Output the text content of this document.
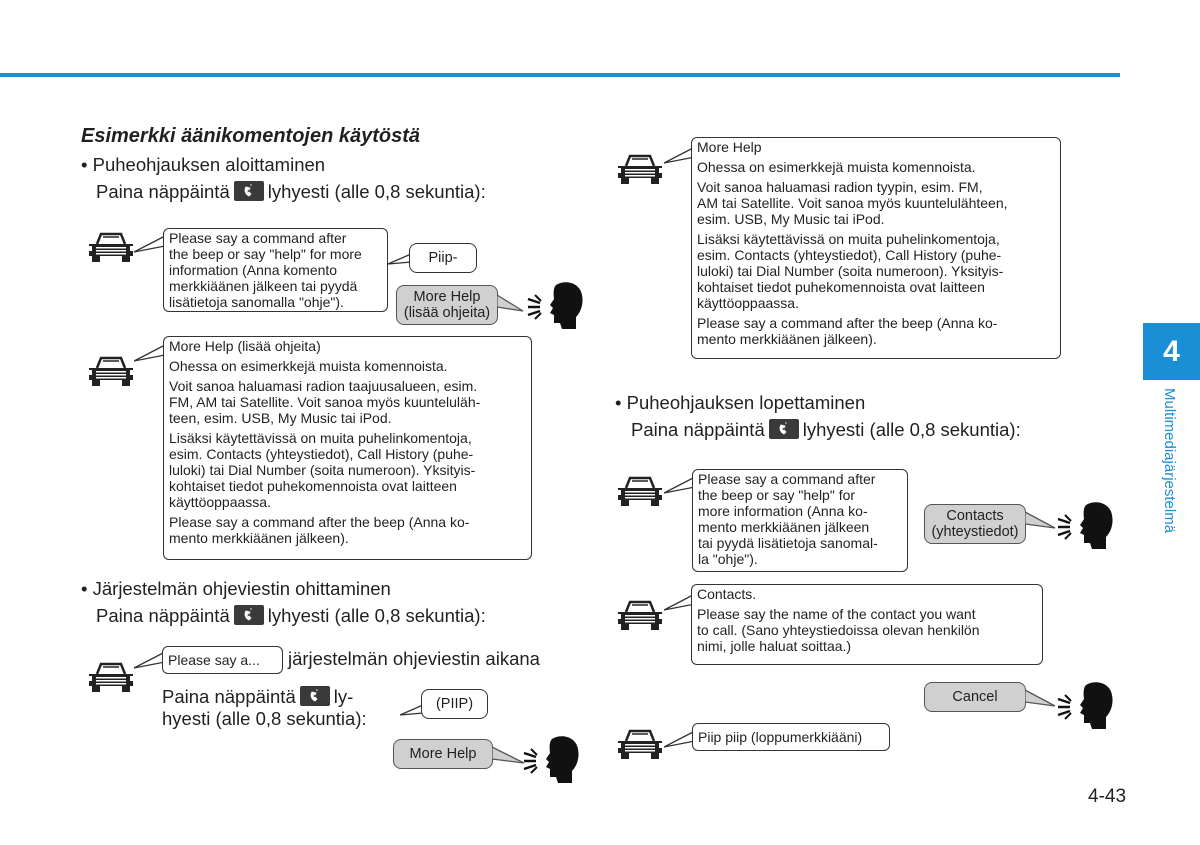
4
Multimediajärjestelmä
Esimerkki äänikomentojen käytöstä
• Puheohjauksen aloittaminen
Paina näppäintä lyhyesti (alle 0,8 sekuntia):
Please say a command after
the beep or say "help" for more
information (Anna komento
merkkiäänen jälkeen tai pyydä
lisätietoja sanomalla "ohje").
Piip-
More Help
(lisää ohjeita)

More Help (lisää ohjeita)

Ohessa on esimerkkejä muista komennoista.

Voit sanoa haluamasi radion taajuusalueen, esim.
FM, AM tai Satellite. Voit sanoa myös kuunteluläh-
teen, esim. USB, My Music tai iPod.

Lisäksi käytettävissä on muita puhelinkomentoja,
esim. Contacts (yhteystiedot), Call History (puhe-
luloki) tai Dial Number (soita numeroon). Yksityis-
kohtaiset tiedot puhekomennoista ovat laitteen
käyttöoppaassa.

Please say a command after the beep (Anna ko-
mento merkkiäänen jälkeen).

• Järjestelmän ohjeviestin ohittaminen
Paina näppäintä lyhyesti (alle 0,8 sekuntia):
Please say a...	järjestelmän ohjeviestin aikana
Paina näppäintä ly-
hyesti (alle 0,8 sekuntia):
(PIIP)
More Help

More Help

Ohessa on esimerkkejä muista komennoista.

Voit sanoa haluamasi radion tyypin, esim. FM,
AM tai Satellite. Voit sanoa myös kuuntelulähteen,
esim. USB, My Music tai iPod.

Lisäksi käytettävissä on muita puhelinkomentoja,
esim. Contacts (yhteystiedot), Call History (puhe-
luloki) tai Dial Number (soita numeroon). Yksityis-
kohtaiset tiedot puhekomennoista ovat laitteen
käyttöoppaassa.

Please say a command after the beep (Anna ko-
mento merkkiäänen jälkeen).

• Puheohjauksen lopettaminen
Paina näppäintä lyhyesti (alle 0,8 sekuntia):
Please say a command after
the beep or say "help" for
more information (Anna ko-
mento merkkiäänen jälkeen
tai pyydä lisätietoja sanomal-
la "ohje").
Contacts
(yhteystiedot)

Contacts.

Please say the name of the contact you want
to call. (Sano yhteystiedoissa olevan henkilön
nimi, jolle haluat soittaa.)

Cancel
Piip piip (loppumerkkiääni)
4-43
